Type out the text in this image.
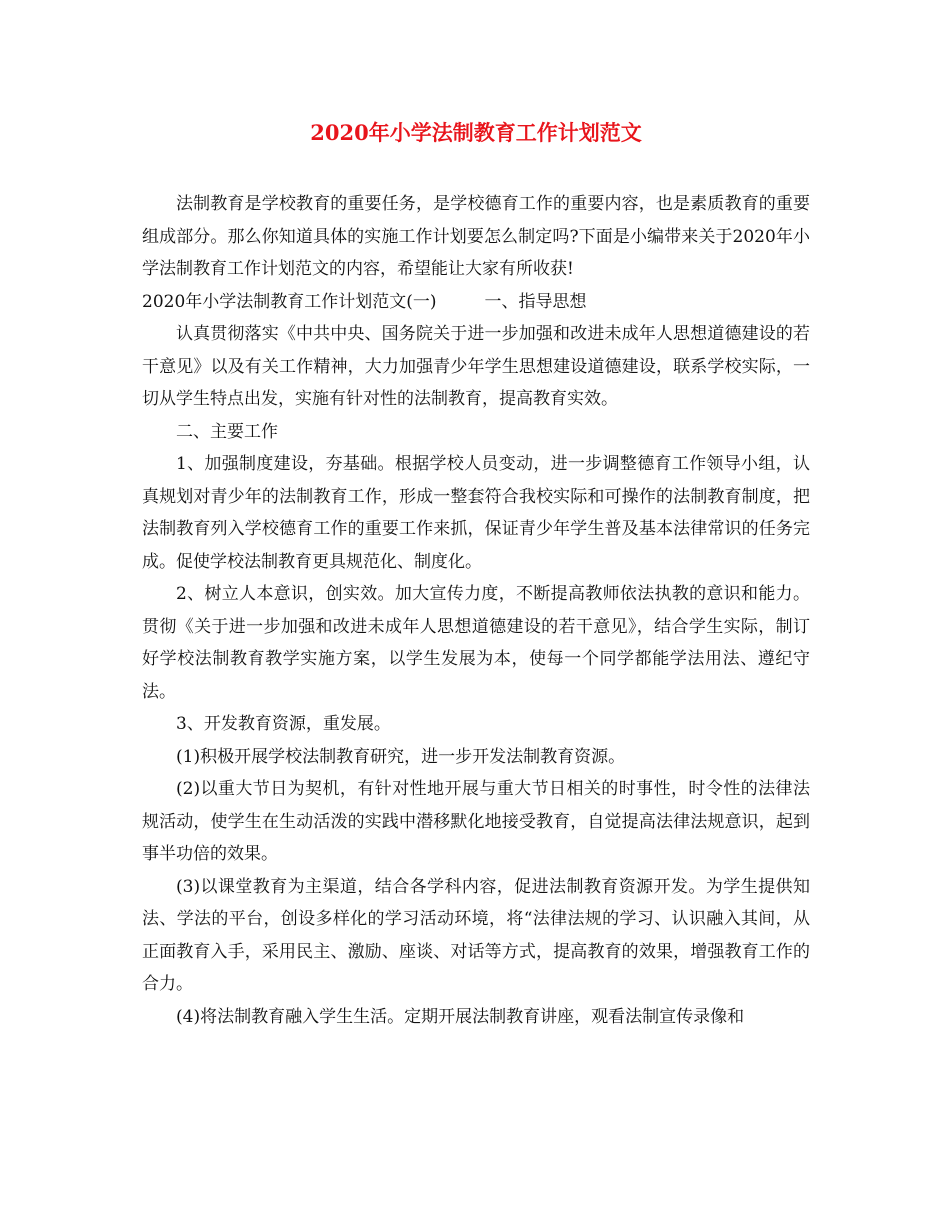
2020年小学法制教育工作计划范文

法制教育是学校教育的重要任务，是学校德育工作的重要内容，也是素质教育的重要组成部分。那么你知道具体的实施工作计划要怎么制定吗?下面是小编带来关于2020年小学法制教育工作计划范文的内容，希望能让大家有所收获!

2020年小学法制教育工作计划范文(一)	一、指导思想

认真贯彻落实《中共中央、国务院关于进一步加强和改进未成年人思想道德建设的若干意见》以及有关工作精神，大力加强青少年学生思想建设道德建设，联系学校实际，一切从学生特点出发，实施有针对性的法制教育，提高教育实效。

二、主要工作

1、加强制度建设，夯基础。根据学校人员变动，进一步调整德育工作领导小组，认真规划对青少年的法制教育工作，形成一整套符合我校实际和可操作的法制教育制度，把法制教育列入学校德育工作的重要工作来抓，保证青少年学生普及基本法律常识的任务完成。促使学校法制教育更具规范化、制度化。

2、树立人本意识，创实效。加大宣传力度，不断提高教师依法执教的意识和能力。贯彻《关于进一步加强和改进未成年人思想道德建设的若干意见》，结合学生实际，制订好学校法制教育教学实施方案，以学生发展为本，使每一个同学都能学法用法、遵纪守法。

3、开发教育资源，重发展。

(1)积极开展学校法制教育研究，进一步开发法制教育资源。

(2)以重大节日为契机，有针对性地开展与重大节日相关的时事性，时令性的法律法规活动，使学生在生动活泼的实践中潜移默化地接受教育，自觉提高法律法规意识，起到事半功倍的效果。

(3)以课堂教育为主渠道，结合各学科内容，促进法制教育资源开发。为学生提供知法、学法的平台，创设多样化的学习活动环境，将“法律法规的学习、认识融入其间，从正面教育入手，采用民主、激励、座谈、对话等方式，提高教育的效果，增强教育工作的合力。

(4)将法制教育融入学生生活。定期开展法制教育讲座，观看法制宣传录像和
